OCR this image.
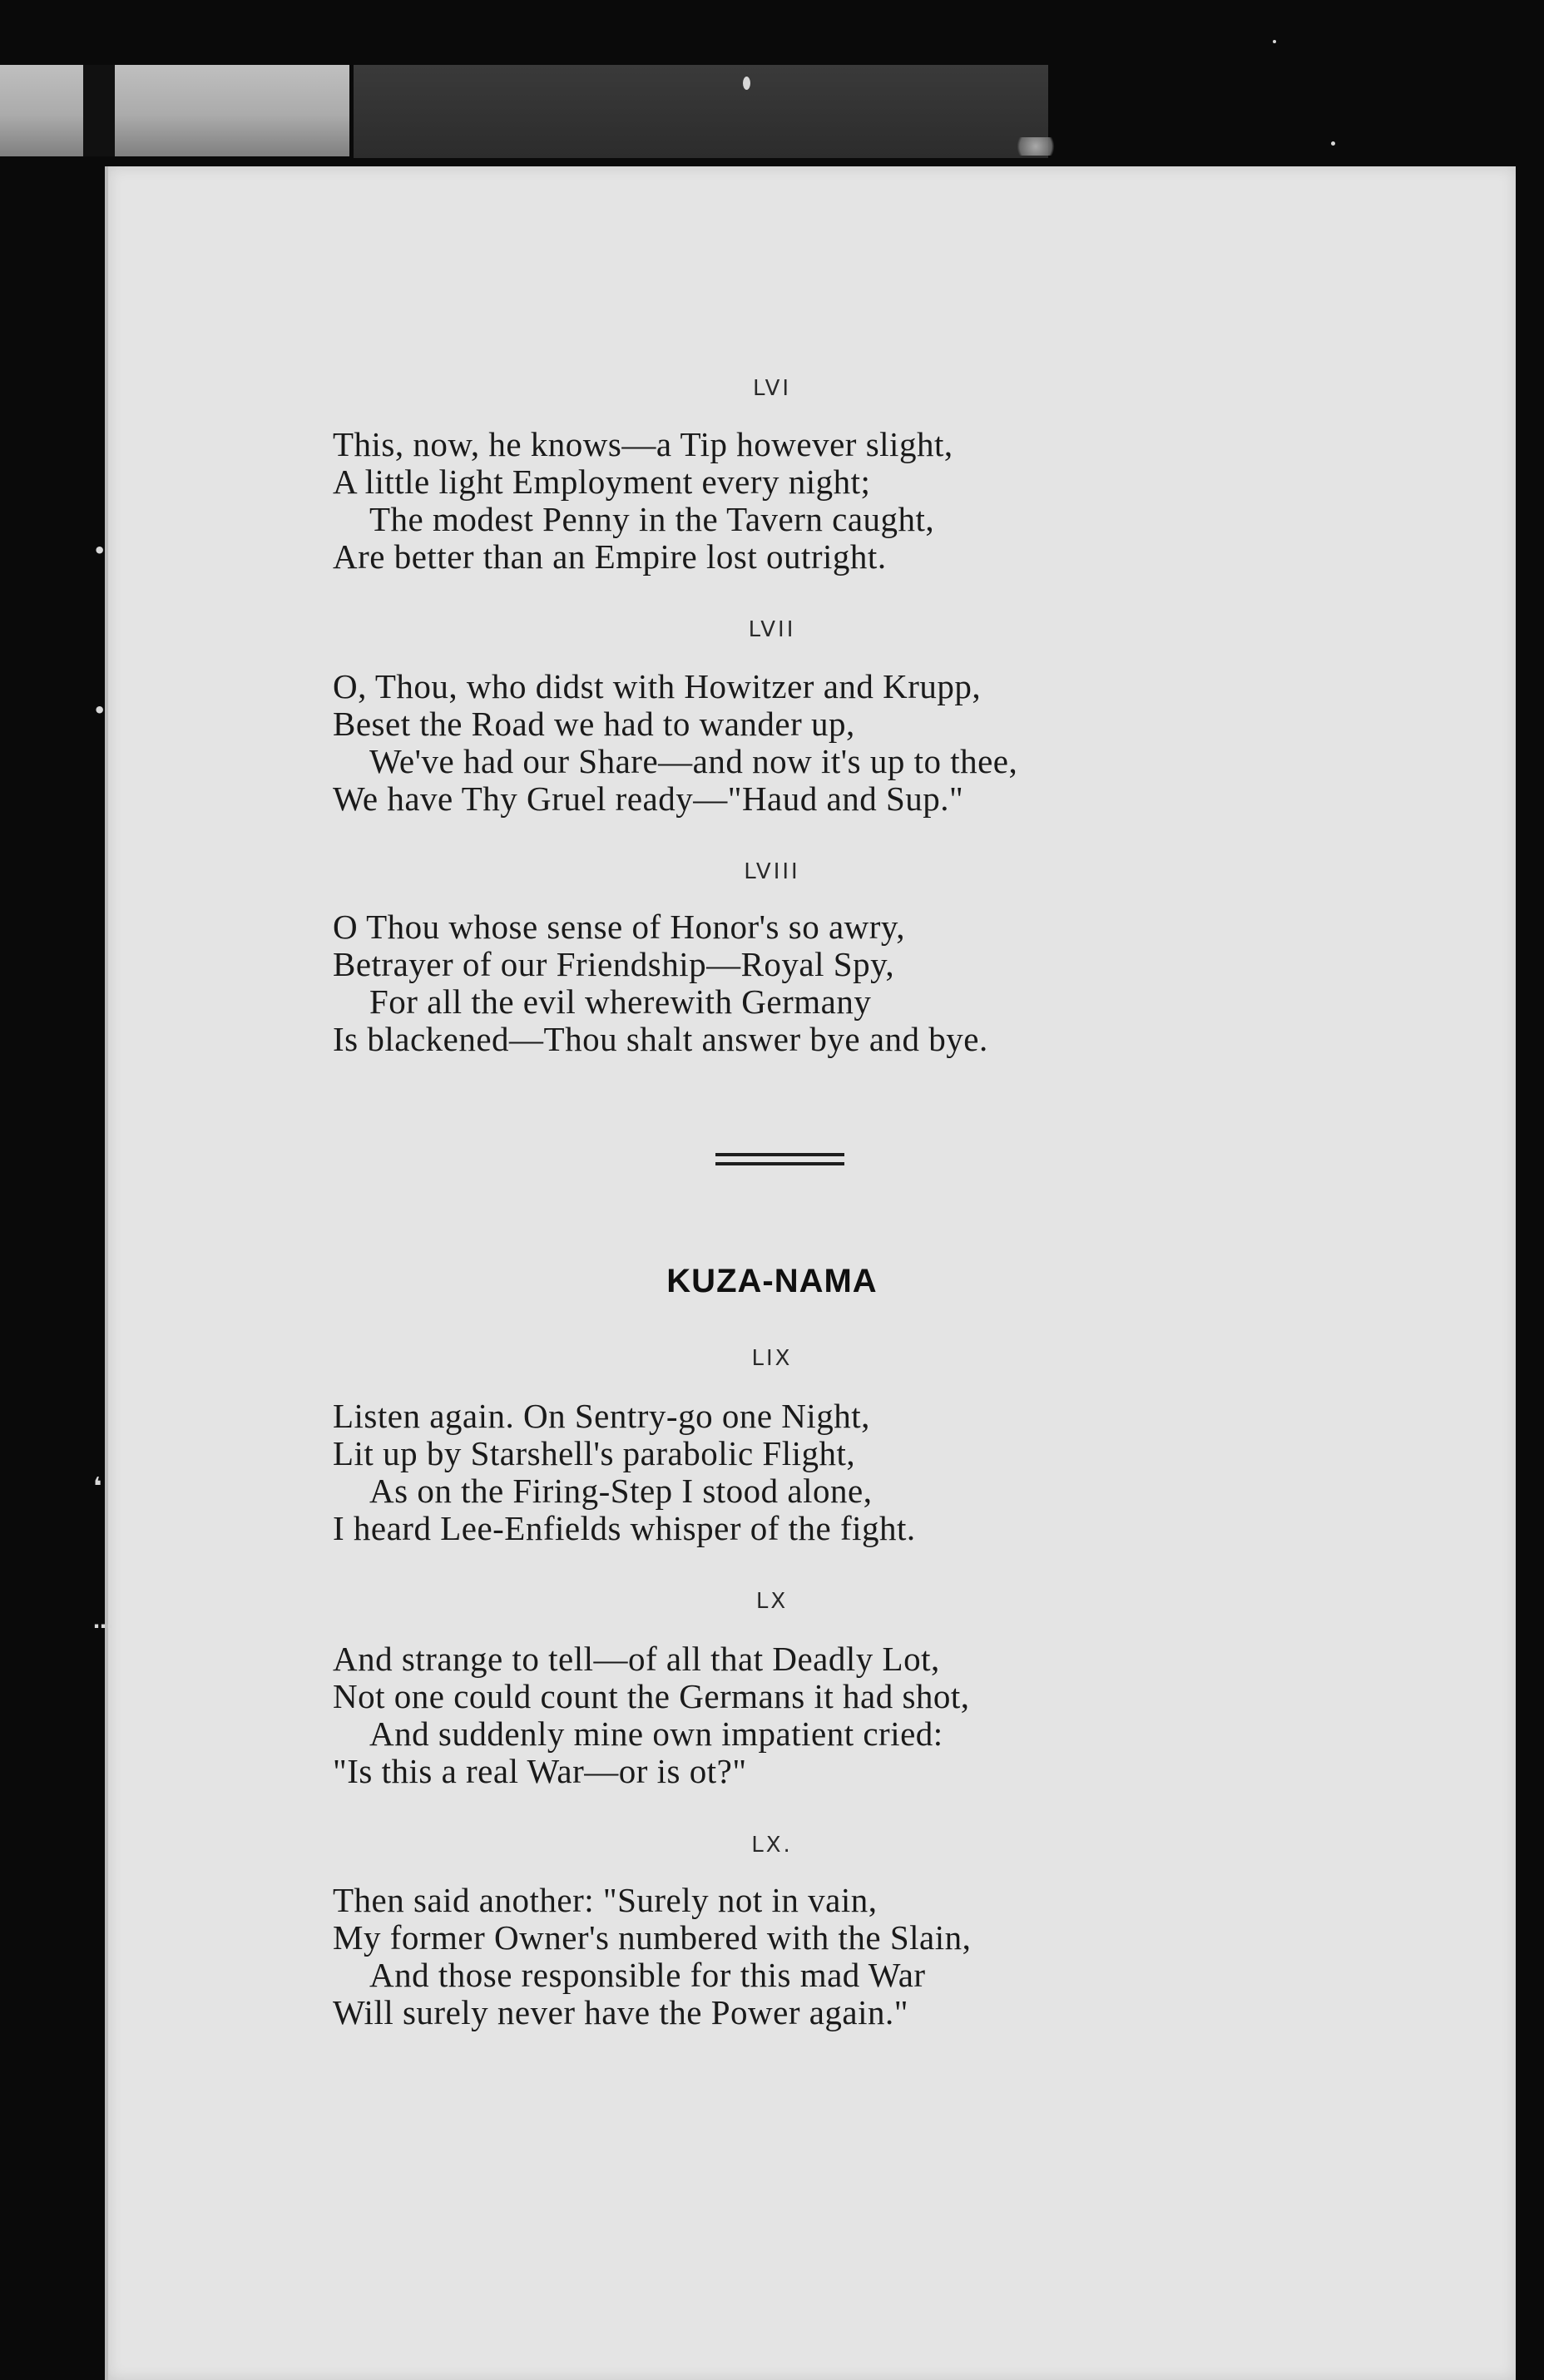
•
•
❛
…
LVI
This, now, he knows—a Tip however slight,
A little light Employment every night;
The modest Penny in the Tavern caught,
Are better than an Empire lost outright.
LVII
O, Thou, who didst with Howitzer and Krupp,
Beset the Road we had to wander up,
We've had our Share—and now it's up to thee,
We have Thy Gruel ready—"Haud and Sup."
LVIII
O Thou whose sense of Honor's so awry,
Betrayer of our Friendship—Royal Spy,
For all the evil wherewith Germany
Is blackened—Thou shalt answer bye and bye.
KUZA-NAMA
LIX
Listen again. On Sentry-go one Night,
Lit up by Starshell's parabolic Flight,
As on the Firing-Step I stood alone,
I heard Lee-Enfields whisper of the fight.
LX
And strange to tell—of all that Deadly Lot,
Not one could count the Germans it had shot,
And suddenly mine own impatient cried:
"Is this a real War—or is ot?"
LX.
Then said another: "Surely not in vain,
My former Owner's numbered with the Slain,
And those responsible for this mad War
Will surely never have the Power again."
